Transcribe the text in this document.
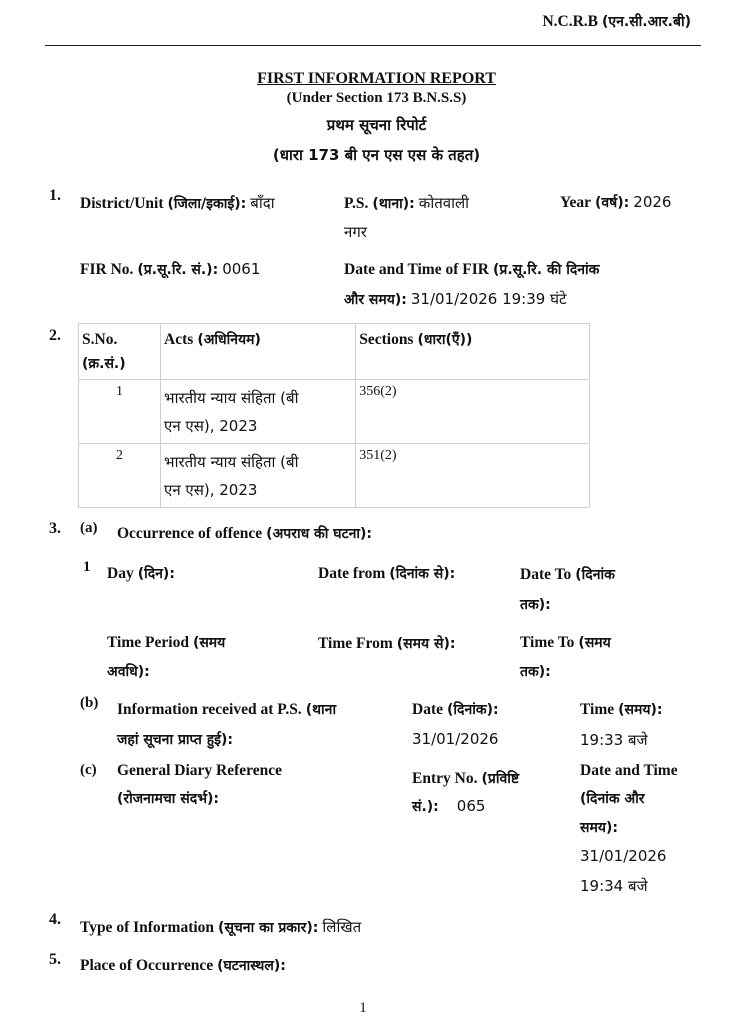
N.C.R.B (एन.सी.आर.बी)
FIRST INFORMATION REPORT
(Under Section 173 B.N.S.S)
प्रथम सूचना रिपोर्ट
(धारा 173 बी एन एस एस के तहत)
1. District/Unit (जिला/इकाई): बाँदा	P.S. (थाना): कोतवाली
नगर
Year (वर्ष): 2026
FIR No. (प्र.सू.रि. सं.): 0061	Date and Time of FIR (प्र.सू.रि. की दिनांक
और समय): 31/01/2026 19:39 घंटे
2. S.No.
(क्र.सं.)	Acts (अधिनियम)	Sections (धारा(एँ))

1	भारतीय न्याय संहिता (बी
एन एस), 2023	356(2)
2	भारतीय न्याय संहिता (बी
एन एस), 2023	351(2)
3. (a) Occurrence of offence (अपराध की घटना):
1 Day (दिन):	Date from (दिनांक से):	Date To (दिनांक
तक):
Time Period (समय
अवधि):
Time From (समय से):	Time To (समय
तक):
(b) Information received at P.S. (थाना
जहां सूचना प्राप्त हुई):
Date (दिनांक):
31/01/2026
Time (समय):
19:33 बजे
(c) General Diary Reference
(रोजनामचा संदर्भ):
Entry No. (प्रविष्टि
सं.): 065
Date and Time
(दिनांक और
समय):
31/01/2026
19:34 बजे
4. Type of Information (सूचना का प्रकार): लिखित
5. Place of Occurrence (घटनास्थल):
1
